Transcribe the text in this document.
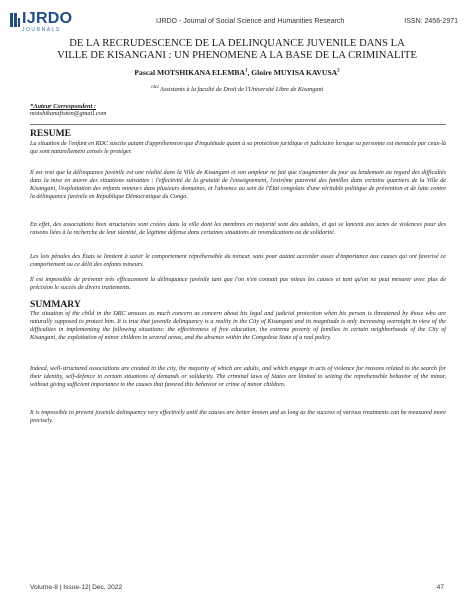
IJRDO
JOURNALS
IJRDO - Journal of Social Science and Humanities Research	ISSN: 2456-2971
DE LA RECRUDESCENCE DE LA DELINQUANCE JUVENILE DANS LA
VILLE DE KISANGANI : UN PHENOMENE A LA BASE DE LA CRIMINALITE
Pascal MOTSHIKANA ELEMBA$^1$, Gloire MUYISA KAVUSA$^2$
$^{1\&2}$ Assistants à la faculté de Droit de l'Université Libre de Kisangani
*Auteur Correspondent :
motshikanafiston@gmail.com
RESUME

La situation de l'enfant en RDC suscite autant d'appréhension que d'inquiétude quant à sa protection juridique et judiciaire lorsque sa personne est menacée par ceux-là qui sont naturellement censés le protéger.

Il est vrai que la délinquance juvénile est une réalité dans la Ville de Kisangani et son ampleur ne fait que s'augmenter du jour au lendemain au regard des difficultés dans la mise en œuvre des situations suivantes : l'effectivité de la gratuité de l'enseignement, l'extrême pauvreté des familles dans certains quartiers de la Ville de Kisangani, l'exploitation des enfants mineurs dans plusieurs domaines, et l'absence au sein de l'État congolais d'une véritable politique de prévention et de lutte contre la délinquance juvénile en République Démocratique du Congo.

En effet, des associations bien structurées sont créées dans la ville dont les membres en majorité sont des adultes, et qui se lancent aux actes de violences pour des raisons liées à la recherche de leur identité, de légitime défense dans certaines situations de revendications ou de solidarité.

Les lois pénales des États se limitent à saisir le comportement répréhensible du mineur, sans pour autant accorder assez d'importance aux causes qui ont favorisé ce comportement ou ce délit des enfants mineurs.

Il est impossible de prévenir très efficacement la délinquance juvénile tant que l'on n'en connait pas mieux les causes et tant qu'on ne peut mesurer avec plus de précision le succès de divers traitements.

SUMMARY

The situation of the child in the DRC arouses as much concern as concern about his legal and judicial protection when his person is threatened by those who are naturally supposed to protect him. It is true that juvenile delinquency is a reality in the City of Kisangani and its magnitude is only increasing overnight in view of the difficulties in implementing the following situations: the effectiveness of free education, the extreme poverty of families in certain neighborhoods of the City of Kisangani, the exploitation of minor children in several areas, and the absence within the Congolese State of a real policy.

Indeed, well-structured associations are created in the city, the majority of which are adults, and which engage in acts of violence for reasons related to the search for their identity, self-defence in certain situations of demands or solidarity. The criminal laws of States are limited to seizing the reprehensible behavior of the minor, without giving sufficient importance to the causes that favored this behavior or crime of minor children.

It is impossible to prevent juvenile delinquency very effectively until the causes are better known and as long as the success of various treatments can be measured more precisely.

Volume-8 | Issue-12| Dec, 2022	47
